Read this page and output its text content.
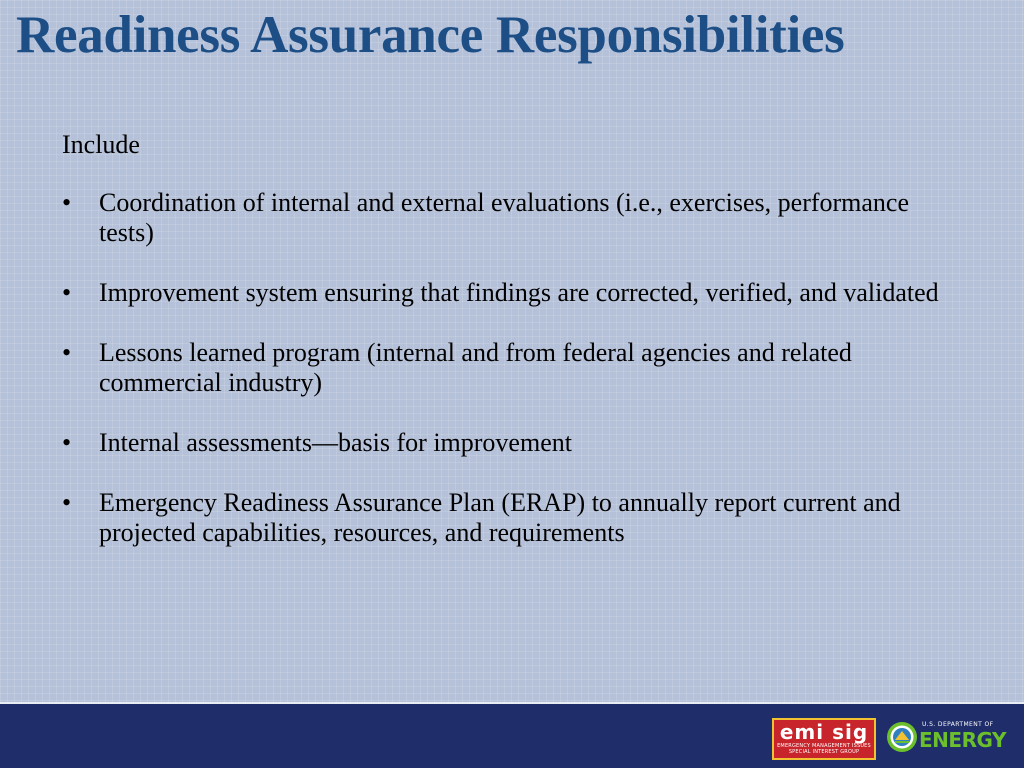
Readiness Assurance Responsibilities

Include

•	Coordination of internal and external evaluations (i.e., exercises, performance tests)
•	Improvement system ensuring that findings are corrected, verified, and validated
•	Lessons learned program (internal and from federal agencies and related commercial industry)
•	Internal assessments—basis for improvement
•	Emergency Readiness Assurance Plan (ERAP) to annually report current and projected capabilities, resources, and requirements
emi sig
EMERGENCY MANAGEMENT ISSUES
SPECIAL INTEREST GROUP
U.S. DEPARTMENT OF
ENERGY
